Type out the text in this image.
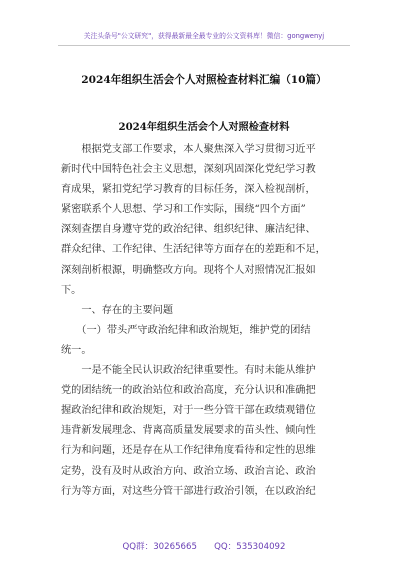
关注头条号"公文研究"，获得最新最全最专业的公文资料库！微信：gongwenyj
2024年组织生活会个人对照检查材料汇编（10篇）
2024年组织生活会个人对照检查材料
　　根据党支部工作要求，本人聚焦深入学习贯彻习近平
新时代中国特色社会主义思想，深刻巩固深化党纪学习教
育成果，紧扣党纪学习教育的目标任务，深入检视剖析，
紧密联系个人思想、学习和工作实际，围绕“四个方面”
深刻查摆自身遵守党的政治纪律、组织纪律、廉洁纪律、
群众纪律、工作纪律、生活纪律等方面存在的差距和不足，
深刻剖析根源，明确整改方向。现将个人对照情况汇报如
下。
　　一、存在的主要问题
　　（一）带头严守政治纪律和政治规矩，维护党的团结
统一。
　　一是不能全民认识政治纪律重要性。有时未能从维护
党的团结统一的政治站位和政治高度，充分认识和准确把
握政治纪律和政治规矩，对于一些分管干部在政绩观错位
违背新发展理念、背离高质量发展要求的苗头性、倾向性
行为和问题，还是存在从工作纪律角度看待和定性的思维
定势，没有及时从政治方向、政治立场、政治言论、政治
行为等方面，对这些分管干部进行政治引领，在以政治纪
QQ群：30265665　　QQ：535304092
